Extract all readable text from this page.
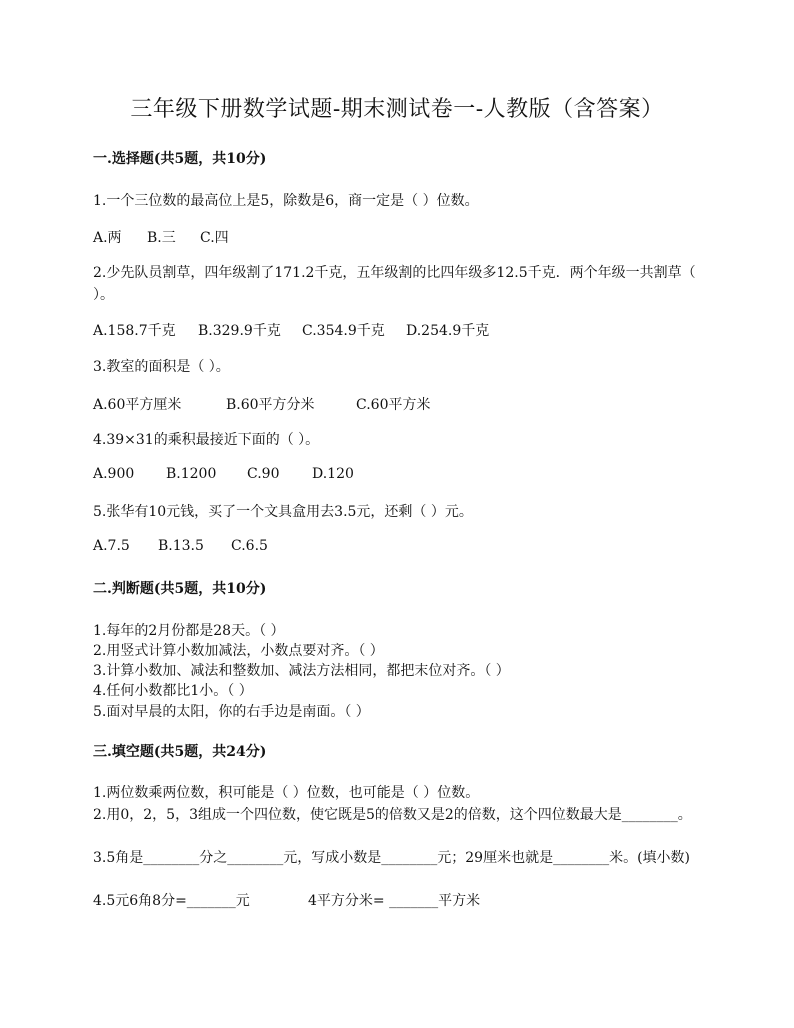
三年级下册数学试题-期末测试卷一-人教版（含答案）
一.选择题(共5题，共10分)
1.一个三位数的最高位上是5，除数是6，商一定是（ ）位数。
A.两 B.三 C.四
2.少先队员割草，四年级割了171.2千克，五年级割的比四年级多12.5千克．两个年级一共割草（ ）。
A.158.7千克 B.329.9千克 C.354.9千克 D.254.9千克
3.教室的面积是（ ）。
A.60平方厘米	B.60平方分米	C.60平方米
4.39×31的乘积最接近下面的（ ）。
A.900 B.1200 C.90 D.120
5.张华有10元钱，买了一个文具盒用去3.5元，还剩（ ）元。
A.7.5 B.13.5 C.6.5
二.判断题(共5题，共10分)
1.每年的2月份都是28天。（ ）
2.用竖式计算小数加减法，小数点要对齐。（ ）
3.计算小数加、减法和整数加、减法方法相同，都把末位对齐。（ ）
4.任何小数都比1小。（ ）
5.面对早晨的太阳，你的右手边是南面。（ ）
三.填空题(共5题，共24分)
1.两位数乘两位数，积可能是（ ）位数，也可能是（ ）位数。
2.用0，2，5，3组成一个四位数，使它既是5的倍数又是2的倍数，这个四位数最大是________。
3.5角是________分之________元，写成小数是________元；29厘米也就是________米。(填小数)
4.5元6角8分=_______元	4平方分米= _______平方米
